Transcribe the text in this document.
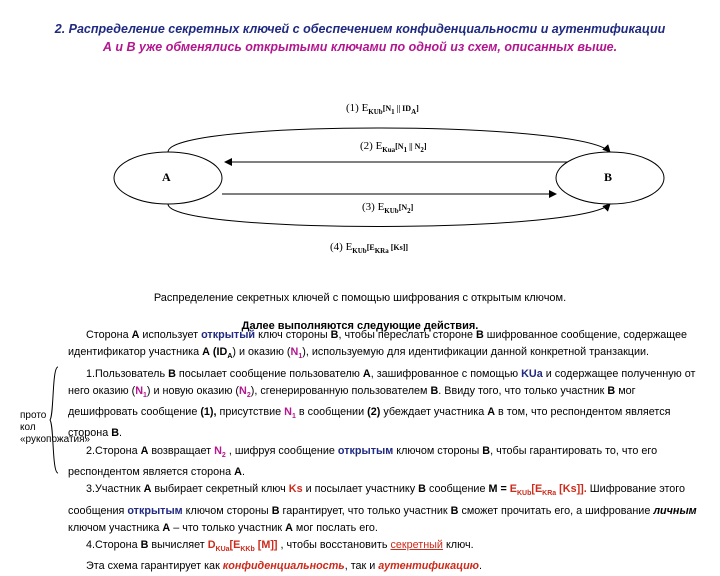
2. Распределение секретных ключей с обеспечением конфиденциальности и аутентификации
А и В уже обменялись открытыми ключами по одной из схем, описанных выше.
А	В
(1) $E_{KUb}[N_1$ || $ID_A$]
(2) $E_{Kua}[N_1$ || $N_2$]
(3) $E_{KUb}[N_2]$
(4) $E_{KUb}[E_{KRa}$ [Ks]]
Распределение секретных ключей с помощью шифрования с открытым ключом.
Далее выполняются следующие действия.
прото кол «рукопожатия»

Сторона А использует открытый ключ стороны В, чтобы переслать стороне В шифрованное сообщение, содержащее идентификатор участника А $(ID_A)$ и оказию $(N_1)$, используемую для идентификации данной конкретной транзакции.

1.Пользователь В посылает сообщение пользователю А, зашифрованное с помощью KUa и содержащее полученную от него оказию $(N_1)$ и новую оказию $(N_2)$, сгенерированную пользователем В. Ввиду того, что только участник В мог дешифровать сообщение (1), присутствие $N_1$ в сообщении (2) убеждает участника А в том, что респондентом является сторона В.

2.Сторона А возвращает $N_2$ , шифруя сообщение открытым ключом стороны В, чтобы гарантировать то, что его респондентом является сторона А.

3.Участник А выбирает секретный ключ Ks и посылает участнику В сообщение $M = E_{KUb}[E_{KRa}$ [Ks]]. Шифрование этого сообщения открытым ключом стороны В гарантирует, что только участник В сможет прочитать его, а шифрование личным ключом участника А – что только участник А мог послать его.

4.Сторона В вычисляет $D_{KUa}[E_{KKb}$ [M]] , чтобы восстановить секретный ключ.

Эта схема гарантирует как конфиденциальность, так и аутентификацию.
